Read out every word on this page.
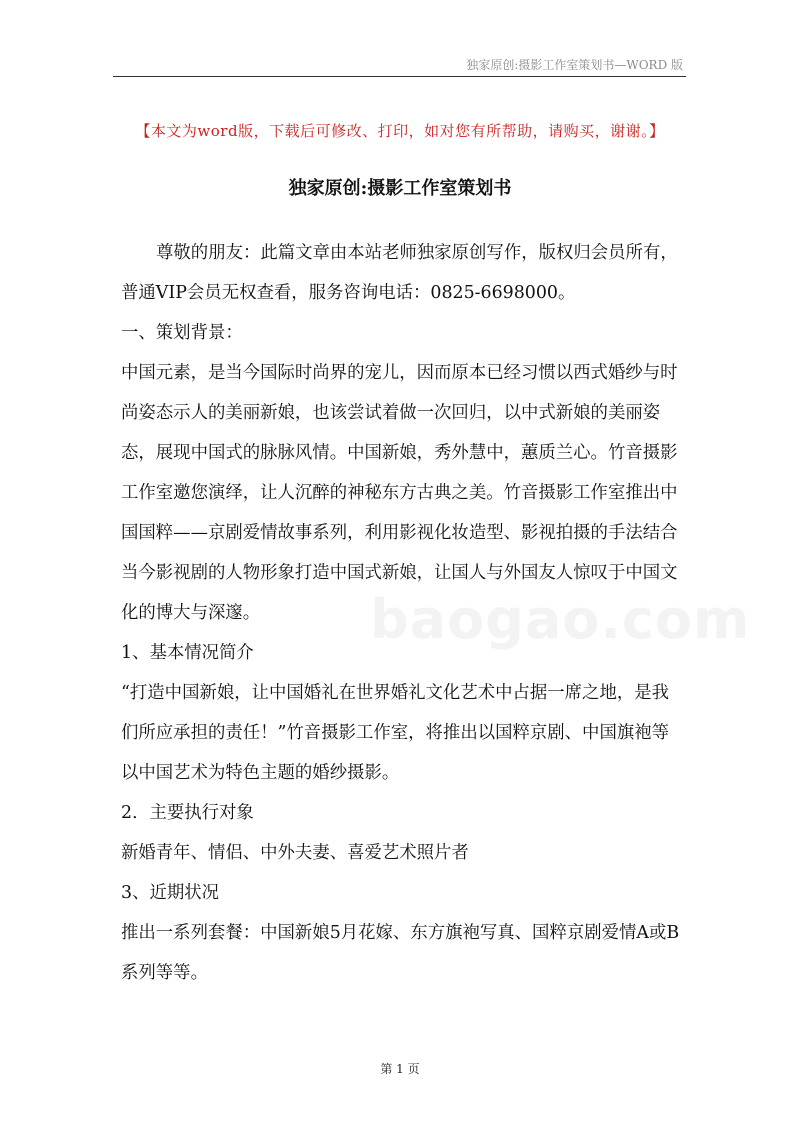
独家原创:摄影工作室策划书—WORD 版
【本文为word版，下载后可修改、打印，如对您有所帮助，请购买，谢谢。】
独家原创:摄影工作室策划书

尊敬的朋友：此篇文章由本站老师独家原创写作，版权归会员所有，普通VIP会员无权查看，服务咨询电话：0825-6698000。

一、策划背景：

中国元素，是当今国际时尚界的宠儿，因而原本已经习惯以西式婚纱与时尚姿态示人的美丽新娘，也该尝试着做一次回归，以中式新娘的美丽姿态，展现中国式的脉脉风情。中国新娘，秀外慧中，蕙质兰心。竹音摄影工作室邀您演绎，让人沉醉的神秘东方古典之美。竹音摄影工作室推出中国国粹——京剧爱情故事系列，利用影视化妆造型、影视拍摄的手法结合当今影视剧的人物形象打造中国式新娘，让国人与外国友人惊叹于中国文化的博大与深邃。

1、基本情况简介

“打造中国新娘，让中国婚礼在世界婚礼文化艺术中占据一席之地，是我们所应承担的责任！”竹音摄影工作室，将推出以国粹京剧、中国旗袍等以中国艺术为特色主题的婚纱摄影。

2．主要执行对象

新婚青年、情侣、中外夫妻、喜爱艺术照片者

3、近期状况

推出一系列套餐：中国新娘5月花嫁、东方旗袍写真、国粹京剧爱情A或B系列等等。

baogao.com
第 1 页
